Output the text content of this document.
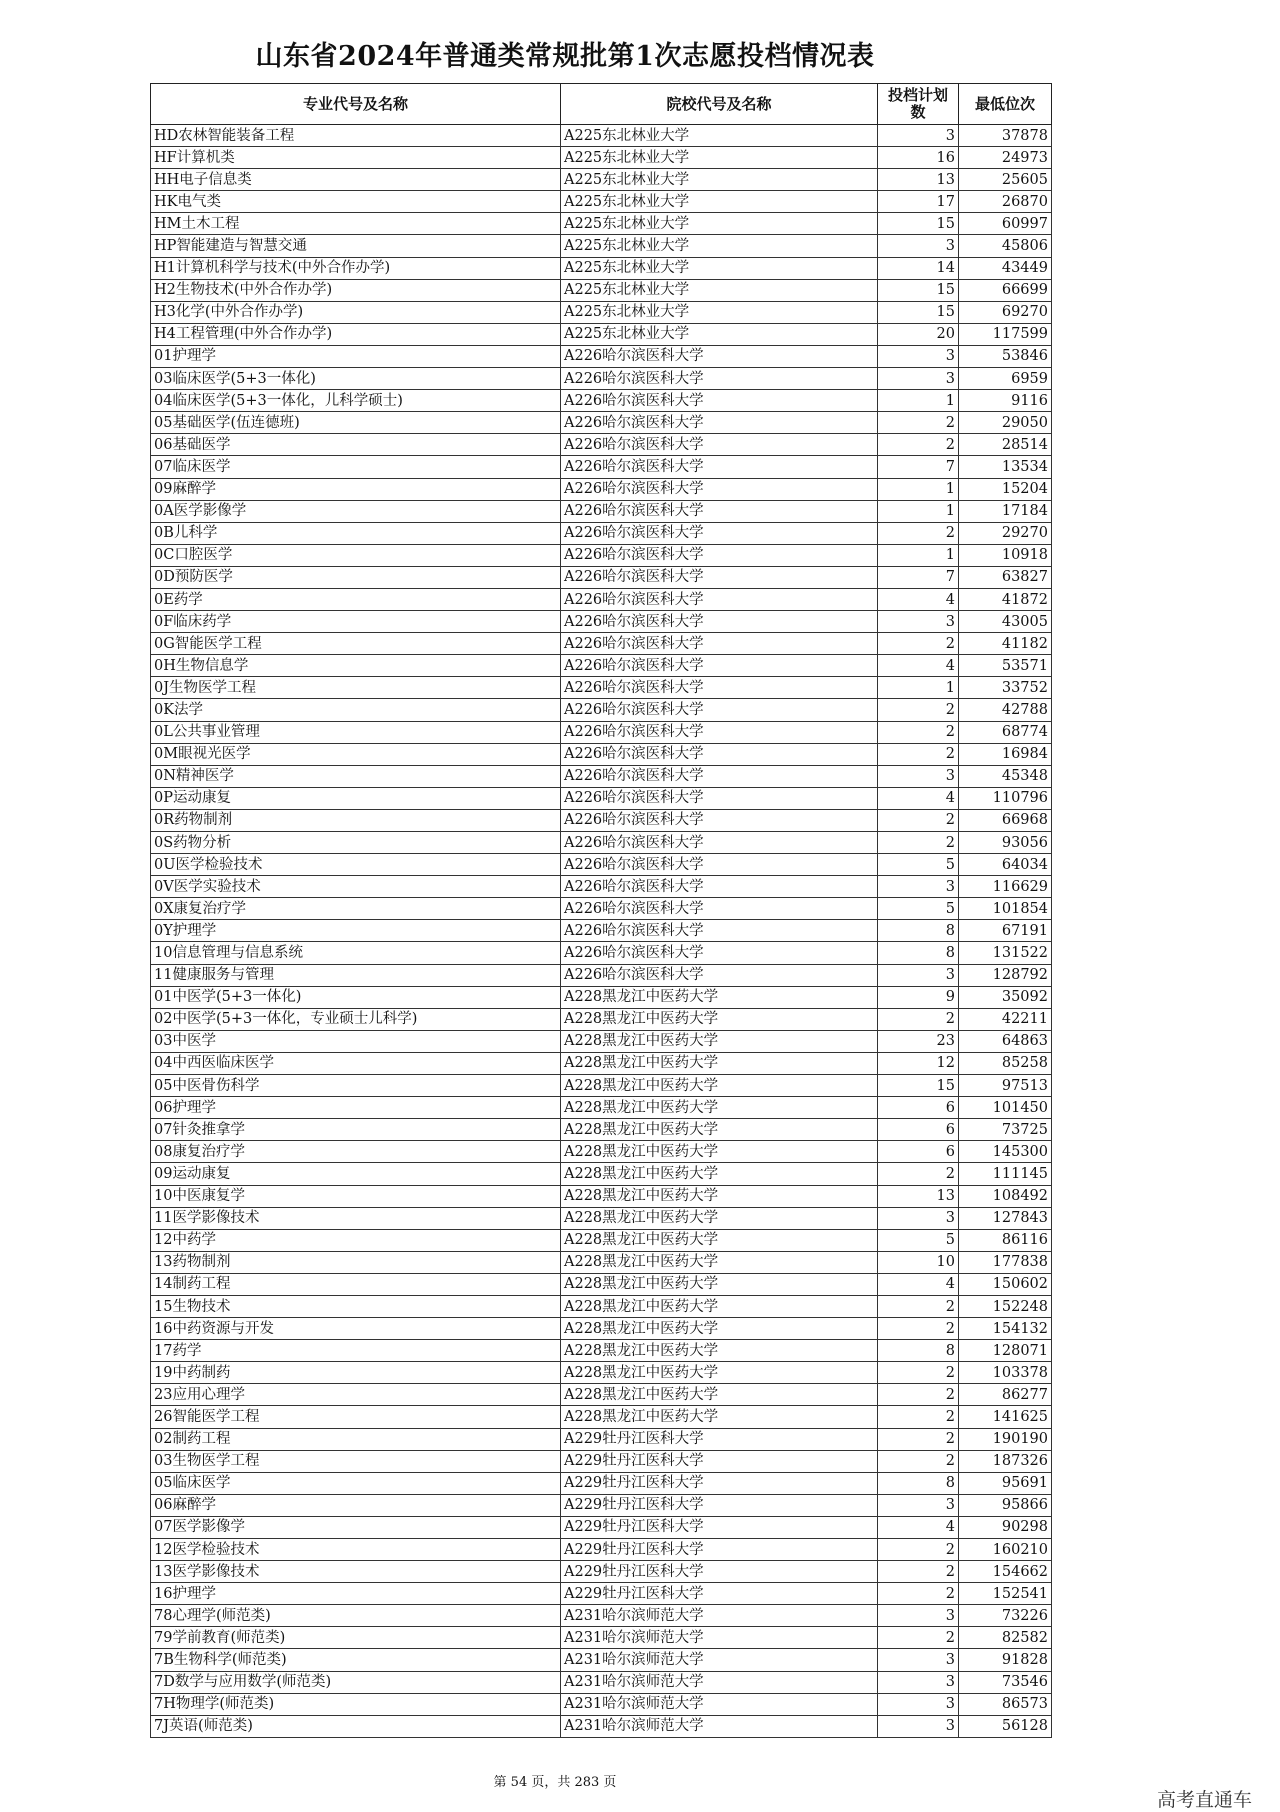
山东省2024年普通类常规批第1次志愿投档情况表
专业代号及名称	院校代号及名称	投档计划数	最低位次
HD农林智能装备工程	A225东北林业大学	3	37878
HF计算机类	A225东北林业大学	16	24973
HH电子信息类	A225东北林业大学	13	25605
HK电气类	A225东北林业大学	17	26870
HM土木工程	A225东北林业大学	15	60997
HP智能建造与智慧交通	A225东北林业大学	3	45806
H1计算机科学与技术(中外合作办学)	A225东北林业大学	14	43449
H2生物技术(中外合作办学)	A225东北林业大学	15	66699
H3化学(中外合作办学)	A225东北林业大学	15	69270
H4工程管理(中外合作办学)	A225东北林业大学	20	117599
01护理学	A226哈尔滨医科大学	3	53846
03临床医学(5+3一体化)	A226哈尔滨医科大学	3	6959
04临床医学(5+3一体化，儿科学硕士)	A226哈尔滨医科大学	1	9116
05基础医学(伍连德班)	A226哈尔滨医科大学	2	29050
06基础医学	A226哈尔滨医科大学	2	28514
07临床医学	A226哈尔滨医科大学	7	13534
09麻醉学	A226哈尔滨医科大学	1	15204
0A医学影像学	A226哈尔滨医科大学	1	17184
0B儿科学	A226哈尔滨医科大学	2	29270
0C口腔医学	A226哈尔滨医科大学	1	10918
0D预防医学	A226哈尔滨医科大学	7	63827
0E药学	A226哈尔滨医科大学	4	41872
0F临床药学	A226哈尔滨医科大学	3	43005
0G智能医学工程	A226哈尔滨医科大学	2	41182
0H生物信息学	A226哈尔滨医科大学	4	53571
0J生物医学工程	A226哈尔滨医科大学	1	33752
0K法学	A226哈尔滨医科大学	2	42788
0L公共事业管理	A226哈尔滨医科大学	2	68774
0M眼视光医学	A226哈尔滨医科大学	2	16984
0N精神医学	A226哈尔滨医科大学	3	45348
0P运动康复	A226哈尔滨医科大学	4	110796
0R药物制剂	A226哈尔滨医科大学	2	66968
0S药物分析	A226哈尔滨医科大学	2	93056
0U医学检验技术	A226哈尔滨医科大学	5	64034
0V医学实验技术	A226哈尔滨医科大学	3	116629
0X康复治疗学	A226哈尔滨医科大学	5	101854
0Y护理学	A226哈尔滨医科大学	8	67191
10信息管理与信息系统	A226哈尔滨医科大学	8	131522
11健康服务与管理	A226哈尔滨医科大学	3	128792
01中医学(5+3一体化)	A228黑龙江中医药大学	9	35092
02中医学(5+3一体化，专业硕士儿科学)	A228黑龙江中医药大学	2	42211
03中医学	A228黑龙江中医药大学	23	64863
04中西医临床医学	A228黑龙江中医药大学	12	85258
05中医骨伤科学	A228黑龙江中医药大学	15	97513
06护理学	A228黑龙江中医药大学	6	101450
07针灸推拿学	A228黑龙江中医药大学	6	73725
08康复治疗学	A228黑龙江中医药大学	6	145300
09运动康复	A228黑龙江中医药大学	2	111145
10中医康复学	A228黑龙江中医药大学	13	108492
11医学影像技术	A228黑龙江中医药大学	3	127843
12中药学	A228黑龙江中医药大学	5	86116
13药物制剂	A228黑龙江中医药大学	10	177838
14制药工程	A228黑龙江中医药大学	4	150602
15生物技术	A228黑龙江中医药大学	2	152248
16中药资源与开发	A228黑龙江中医药大学	2	154132
17药学	A228黑龙江中医药大学	8	128071
19中药制药	A228黑龙江中医药大学	2	103378
23应用心理学	A228黑龙江中医药大学	2	86277
26智能医学工程	A228黑龙江中医药大学	2	141625
02制药工程	A229牡丹江医科大学	2	190190
03生物医学工程	A229牡丹江医科大学	2	187326
05临床医学	A229牡丹江医科大学	8	95691
06麻醉学	A229牡丹江医科大学	3	95866
07医学影像学	A229牡丹江医科大学	4	90298
12医学检验技术	A229牡丹江医科大学	2	160210
13医学影像技术	A229牡丹江医科大学	2	154662
16护理学	A229牡丹江医科大学	2	152541
78心理学(师范类)	A231哈尔滨师范大学	3	73226
79学前教育(师范类)	A231哈尔滨师范大学	2	82582
7B生物科学(师范类)	A231哈尔滨师范大学	3	91828
7D数学与应用数学(师范类)	A231哈尔滨师范大学	3	73546
7H物理学(师范类)	A231哈尔滨师范大学	3	86573
7J英语(师范类)	A231哈尔滨师范大学	3	56128
第 54 页，共 283 页
高考直通车
